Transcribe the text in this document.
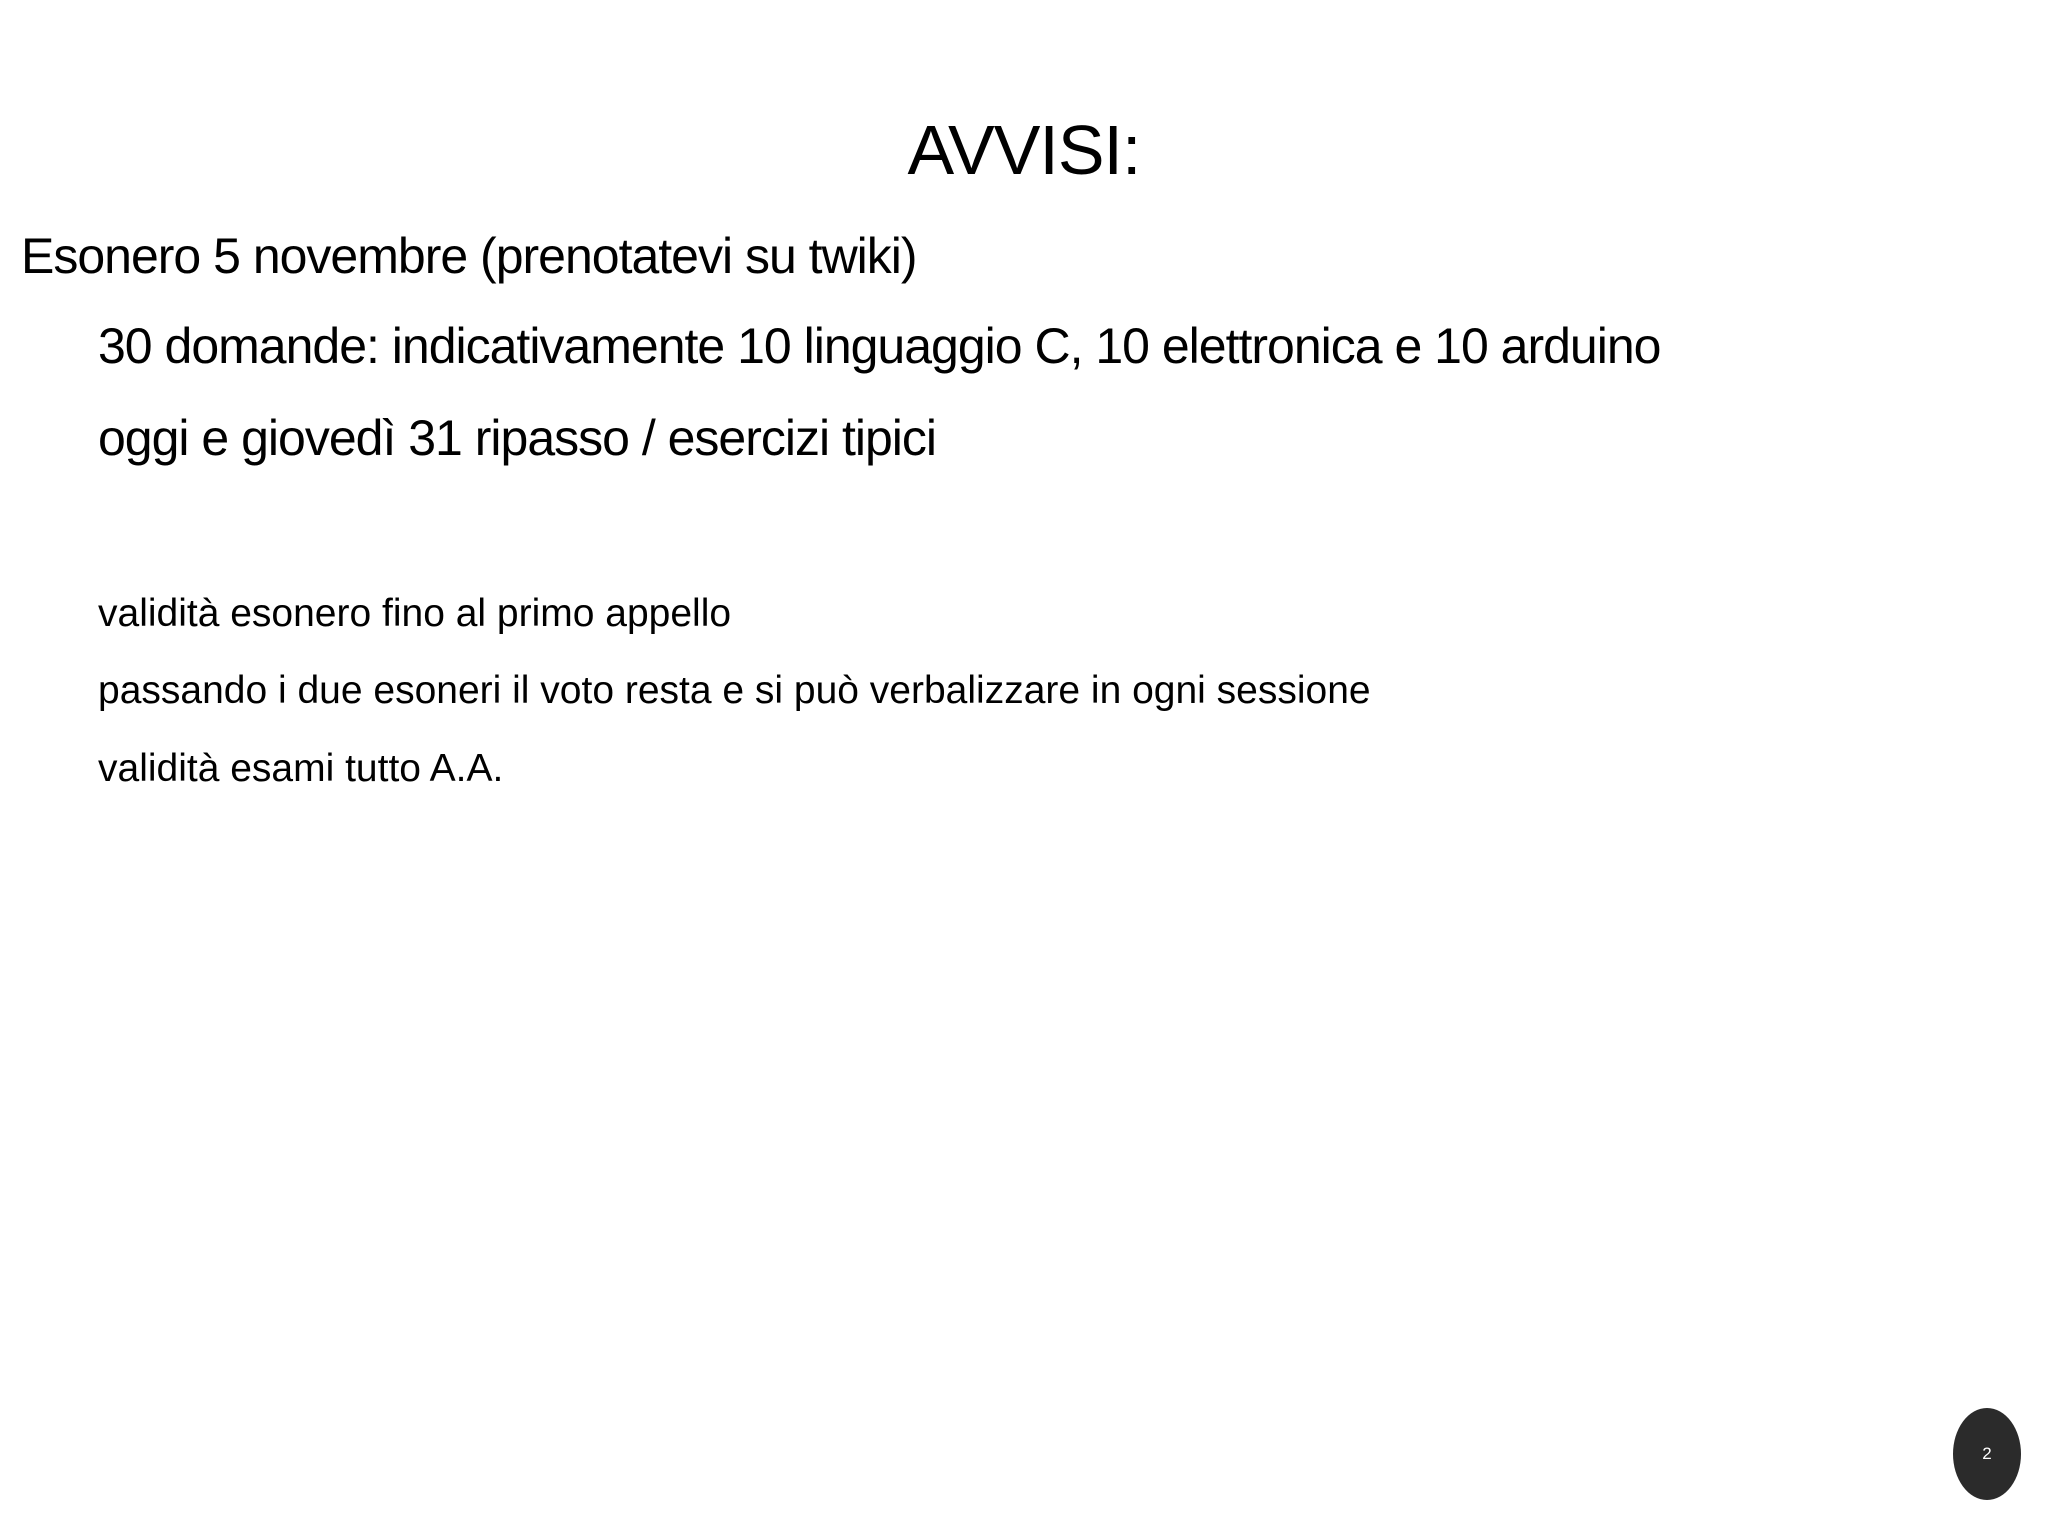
AVVISI:

Esonero 5 novembre (prenotatevi su twiki)

30 domande: indicativamente 10 linguaggio C, 10 elettronica e 10 arduino

oggi e giovedì 31 ripasso / esercizi tipici

validità esonero fino al primo appello

passando i due esoneri il voto resta e si può verbalizzare in ogni sessione

validità esami tutto A.A.

2
